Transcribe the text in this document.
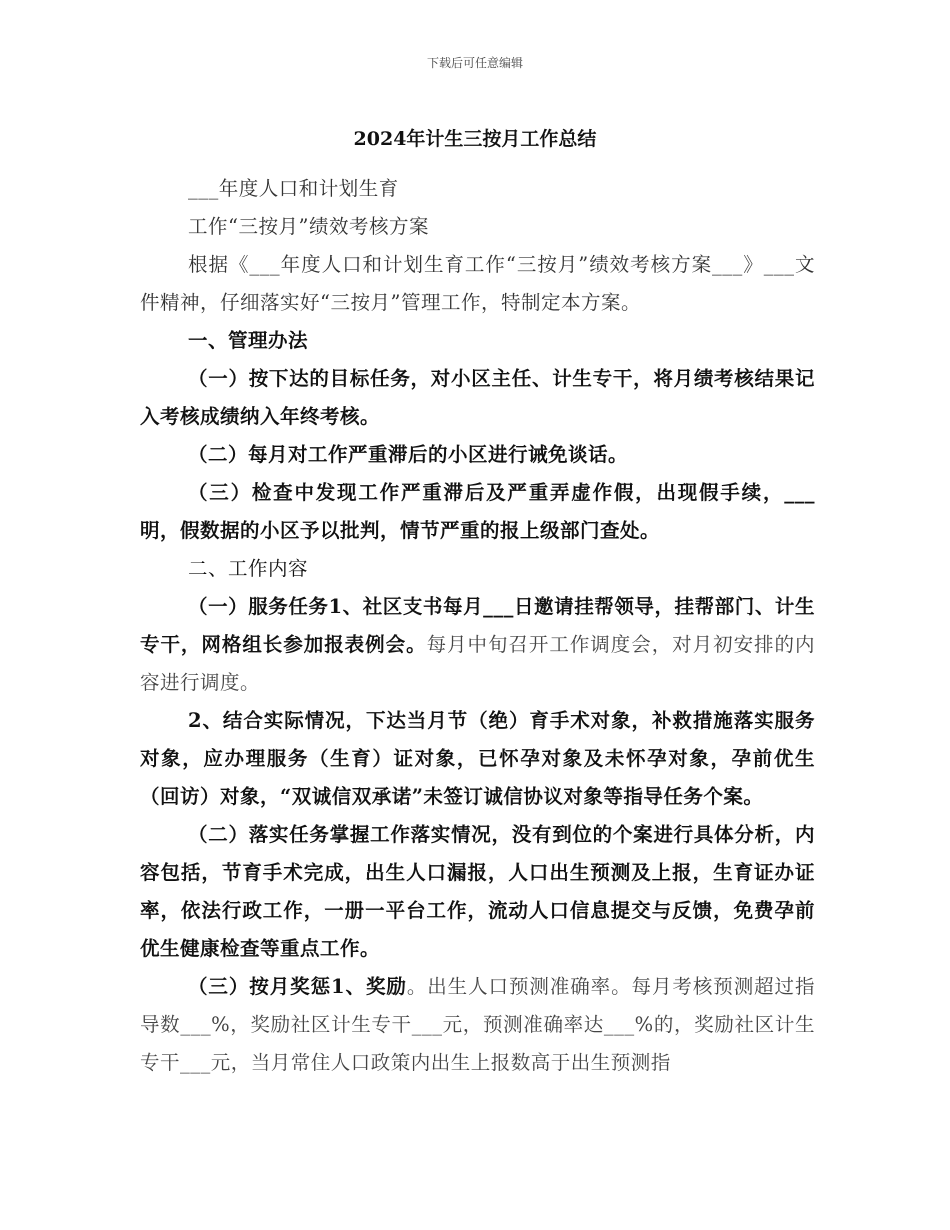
下载后可任意编辑
2024年计生三按月工作总结

___年度人口和计划生育

工作“三按月”绩效考核方案

根据《___年度人口和计划生育工作“三按月”绩效考核方案___》___文件精神，仔细落实好“三按月”管理工作，特制定本方案。

一、管理办法

（一）按下达的目标任务，对小区主任、计生专干，将月绩考核结果记入考核成绩纳入年终考核。

（二）每月对工作严重滞后的小区进行诫免谈话。

（三）检查中发现工作严重滞后及严重弄虚作假，出现假手续，___明，假数据的小区予以批判，情节严重的报上级部门查处。

二、工作内容

（一）服务任务1、社区支书每月___日邀请挂帮领导，挂帮部门、计生专干，网格组长参加报表例会。每月中旬召开工作调度会，对月初安排的内容进行调度。

2、结合实际情况，下达当月节（绝）育手术对象，补救措施落实服务对象，应办理服务（生育）证对象，已怀孕对象及未怀孕对象，孕前优生（回访）对象，“双诚信双承诺”未签订诚信协议对象等指导任务个案。

（二）落实任务掌握工作落实情况，没有到位的个案进行具体分析，内容包括，节育手术完成，出生人口漏报，人口出生预测及上报，生育证办证率，依法行政工作，一册一平台工作，流动人口信息提交与反馈，免费孕前优生健康检查等重点工作。

（三）按月奖惩1、奖励。出生人口预测准确率。每月考核预测超过指导数___%，奖励社区计生专干___元，预测准确率达___%的，奖励社区计生专干___元，当月常住人口政策内出生上报数高于出生预测指
